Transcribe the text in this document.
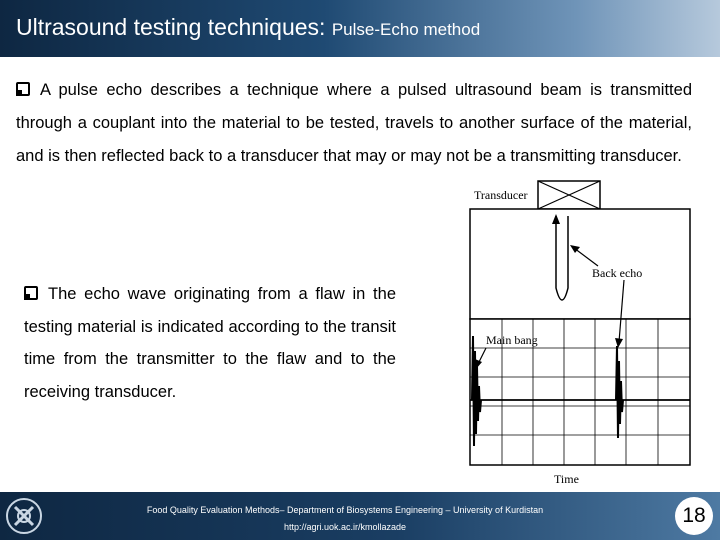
Ultrasound testing techniques: Pulse-Echo method
A pulse echo describes a technique where a pulsed ultrasound beam is transmitted through a couplant into the material to be tested, travels to another surface of the material, and is then reflected back to a transducer that may or may not be a transmitting transducer.
The echo wave originating from a flaw in the testing material is indicated according to the transit time from the transmitter to the flaw and to the receiving transducer.
Transducer
Back echo
Main bang
Time
Food Quality Evaluation Methods– Department of Biosystems Engineering – University of Kurdistan
http://agri.uok.ac.ir/kmollazade	18
